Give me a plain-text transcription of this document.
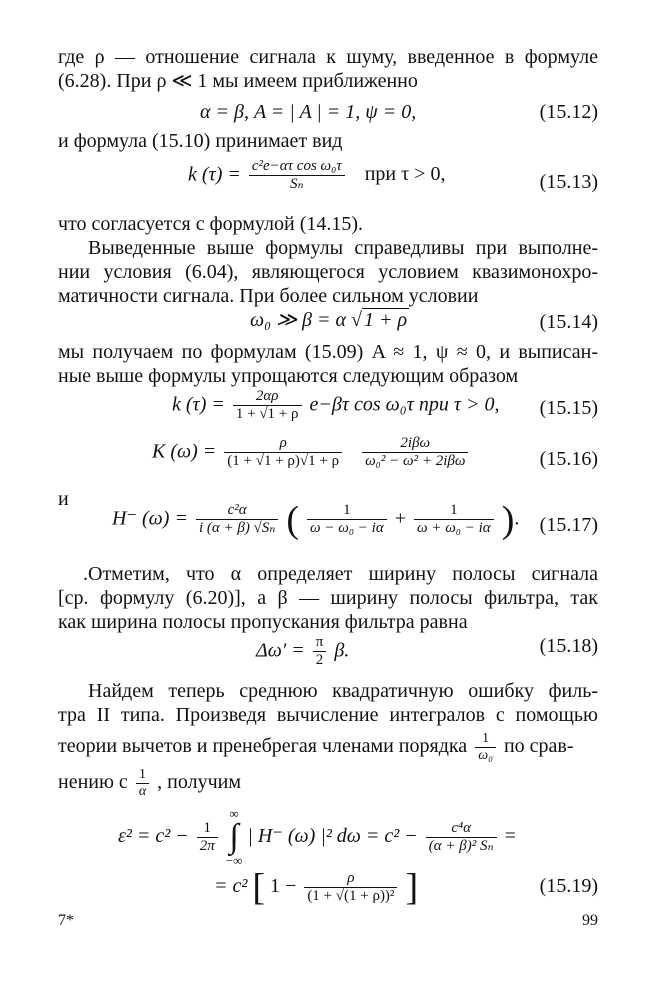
где ρ — отношение сигнала к шуму, введенное в формуле
(6.28). При ρ ≪ 1 мы имеем приближенно
α = β, A = | A | = 1, ψ = 0,	(15.12)
и формула (15.10) принимает вид
k $(\tau) = \frac{\text{c²e−ατ cos ω₀τ}}{\text{Sₙ}}$ при τ > 0,	(15.13)
что согласуется с формулой (14.15).
Выведенные выше формулы справедливы при выполне-
нии условия (6.04), являющегося условием квазимонохро-
матичности сигнала. При более сильном условии
ω₀ ≫ β = α √ 1 + ρ	(15.14)
мы получаем по формулам (15.09) A ≈ 1, ψ ≈ 0, и выписан-
ные выше формулы упрощаются следующим образом
k $(\tau) = \frac{2\alpha\rho}{1 + √1 + \rho} e-\beta\tau$ cos ω₀τ при τ > 0, (15.15)
K $(\omega) = \frac{\rho}{(1 + √1 + \rho)√1 + \rho}$
$\frac{\text{2iβω}}{\text{ω₀² − ω² + 2iβω}}$	(15.16)
и
H⁻ $(\omega) = \frac{\text{c²α}}{\text{i (α + β) √Sₙ}}$ ( $\frac{1}{\text{ω − ω₀ − iα}} + \frac{1}{\text{ω + ω₀ − iα}}$ ). (15.17)
.Отметим, что α определяет ширину полосы сигнала
[ср. формулу (6.20)], а β — ширину полосы фильтра, так
как ширина полосы пропускания фильтра равна
$\Delta\omega' = \frac{\pi}{2} \beta$.	(15.18)
Найдем теперь среднюю квадратичную ошибку филь-
тра II типа. Произведя вычисление интегралов с помощью
теории вычетов и пренебрегая членами порядка $\frac{1}{\text{ω₀}}$ по срав-
нению с $\frac{1}{\alpha}$ , получим
$\varepsilon^2 = c^2 - \frac{1}{2\pi}$

∞
∫
−∞
| H⁻ (ω) |² $d\omega = c^2 - \frac{\text{c⁴α}}{\text{(α + β)² Sₙ}}$ =
= c² [ $1 - \frac{\rho}{\text{(1 + √(1 + ρ))²}}$ ]	(15.19)
7*	99
